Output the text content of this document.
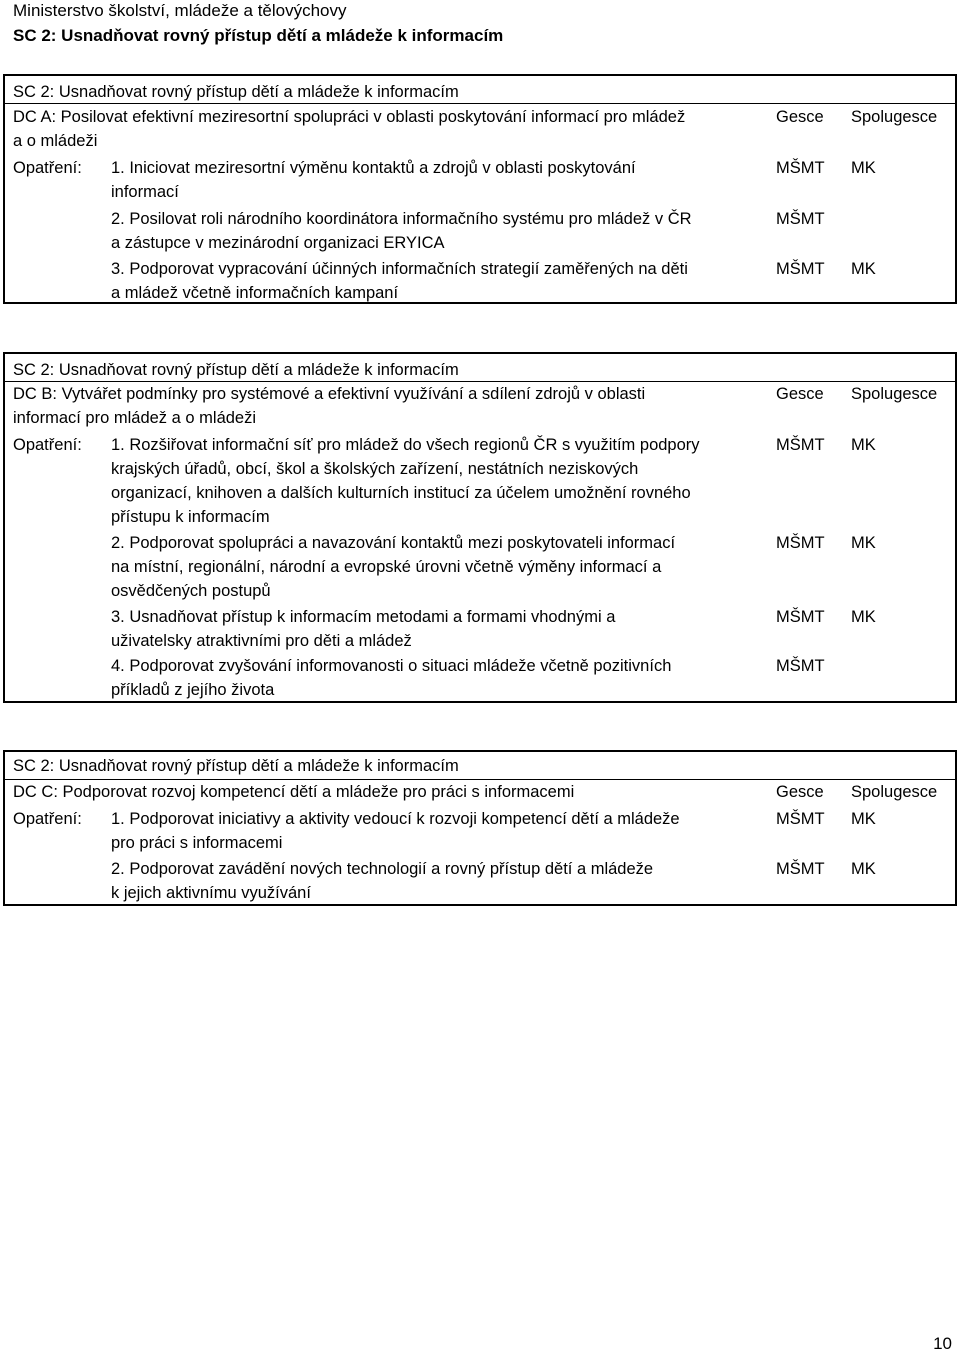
Ministerstvo školství, mládeže a tělovýchovy
SC 2: Usnadňovat rovný přístup dětí a mládeže k informacím
SC 2: Usnadňovat rovný přístup dětí a mládeže k informacím
DC A: Posilovat efektivní meziresortní spolupráci v oblasti poskytování informací pro mládež
a o mládeži
Gesce Spolugesce
Opatření: 1. Iniciovat meziresortní výměnu kontaktů a zdrojů v oblasti poskytování
informací
MŠMT MK
2. Posilovat roli národního koordinátora informačního systému pro mládež v ČR
a zástupce v mezinárodní organizaci ERYICA
MŠMT
3. Podporovat vypracování účinných informačních strategií zaměřených na děti
a mládež včetně informačních kampaní
MŠMT MK
SC 2: Usnadňovat rovný přístup dětí a mládeže k informacím
DC B: Vytvářet podmínky pro systémové a efektivní využívání a sdílení zdrojů v oblasti
informací pro mládež a o mládeži
Gesce Spolugesce
Opatření: 1. Rozšiřovat informační síť pro mládež do všech regionů ČR s využitím podpory
krajských úřadů, obcí, škol a školských zařízení, nestátních neziskových
organizací, knihoven a dalších kulturních institucí za účelem umožnění rovného
přístupu k informacím
MŠMT MK
2. Podporovat spolupráci a navazování kontaktů mezi poskytovateli informací
na místní, regionální, národní a evropské úrovni včetně výměny informací a
osvědčených postupů
MŠMT MK
3. Usnadňovat přístup k informacím metodami a formami vhodnými a
uživatelsky atraktivními pro děti a mládež
MŠMT MK
4. Podporovat zvyšování informovanosti o situaci mládeže včetně pozitivních
příkladů z jejího života
MŠMT
SC 2: Usnadňovat rovný přístup dětí a mládeže k informacím
DC C: Podporovat rozvoj kompetencí dětí a mládeže pro práci s informacemi	Gesce Spolugesce
Opatření: 1. Podporovat iniciativy a aktivity vedoucí k rozvoji kompetencí dětí a mládeže
pro práci s informacemi
MŠMT MK
2. Podporovat zavádění nových technologií a rovný přístup dětí a mládeže
k jejich aktivnímu využívání
MŠMT MK
10
